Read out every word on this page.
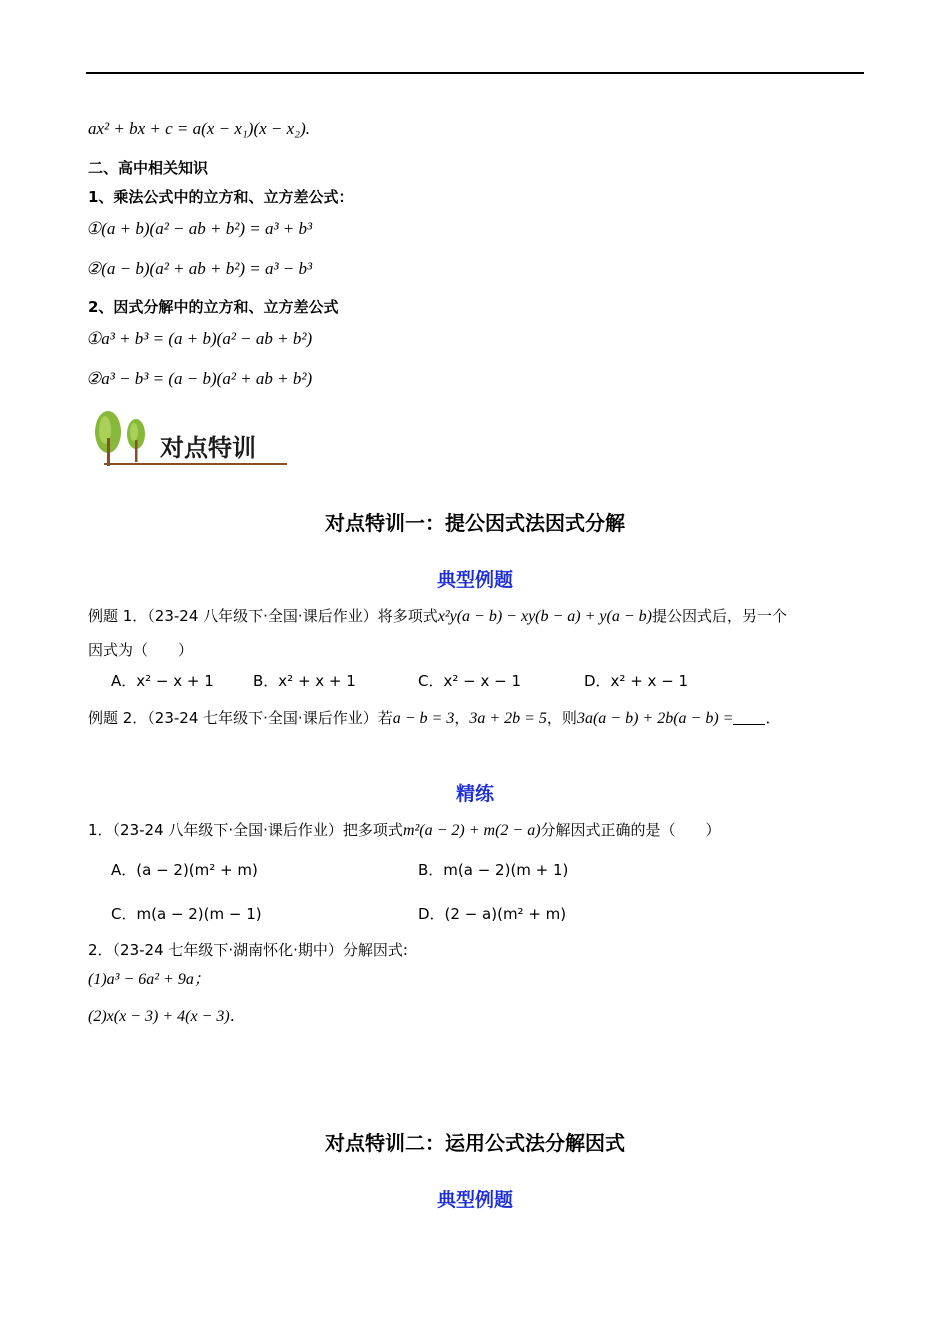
ax² + bx + c = a(x − x₁)(x − x₂).
二、高中相关知识
1、乘法公式中的立方和、立方差公式：
①(a + b)(a² − ab + b²) = a³ + b³
②(a − b)(a² + ab + b²) = a³ − b³
2、因式分解中的立方和、立方差公式
①a³ + b³ = (a + b)(a² − ab + b²)
②a³ − b³ = (a − b)(a² + ab + b²)
对点特训
对点特训一：提公因式法因式分解
典型例题
例题 1．（23-24 八年级下·全国·课后作业）将多项式x²y(a − b) − xy(b − a) + y(a − b)提公因式后，另一个
因式为（　　）
A．x² − x + 1	B．x² + x + 1	C．x² − x − 1	D．x² + x − 1
例题 2．（23-24 七年级下·全国·课后作业）若a − b = 3，3a + 2b = 5，则3a(a − b) + 2b(a − b) = ．
精练
1．（23-24 八年级下·全国·课后作业）把多项式m²(a − 2) + m(2 − a)分解因式正确的是（　　）
A．(a − 2)(m² + m)	B．m(a − 2)(m + 1)
C．m(a − 2)(m − 1)	D．(2 − a)(m² + m)
2．（23-24 七年级下·湖南怀化·期中）分解因式:
(1)a³ − 6a² + 9a；
(2)x(x − 3) + 4(x − 3)．
对点特训二：运用公式法分解因式
典型例题
